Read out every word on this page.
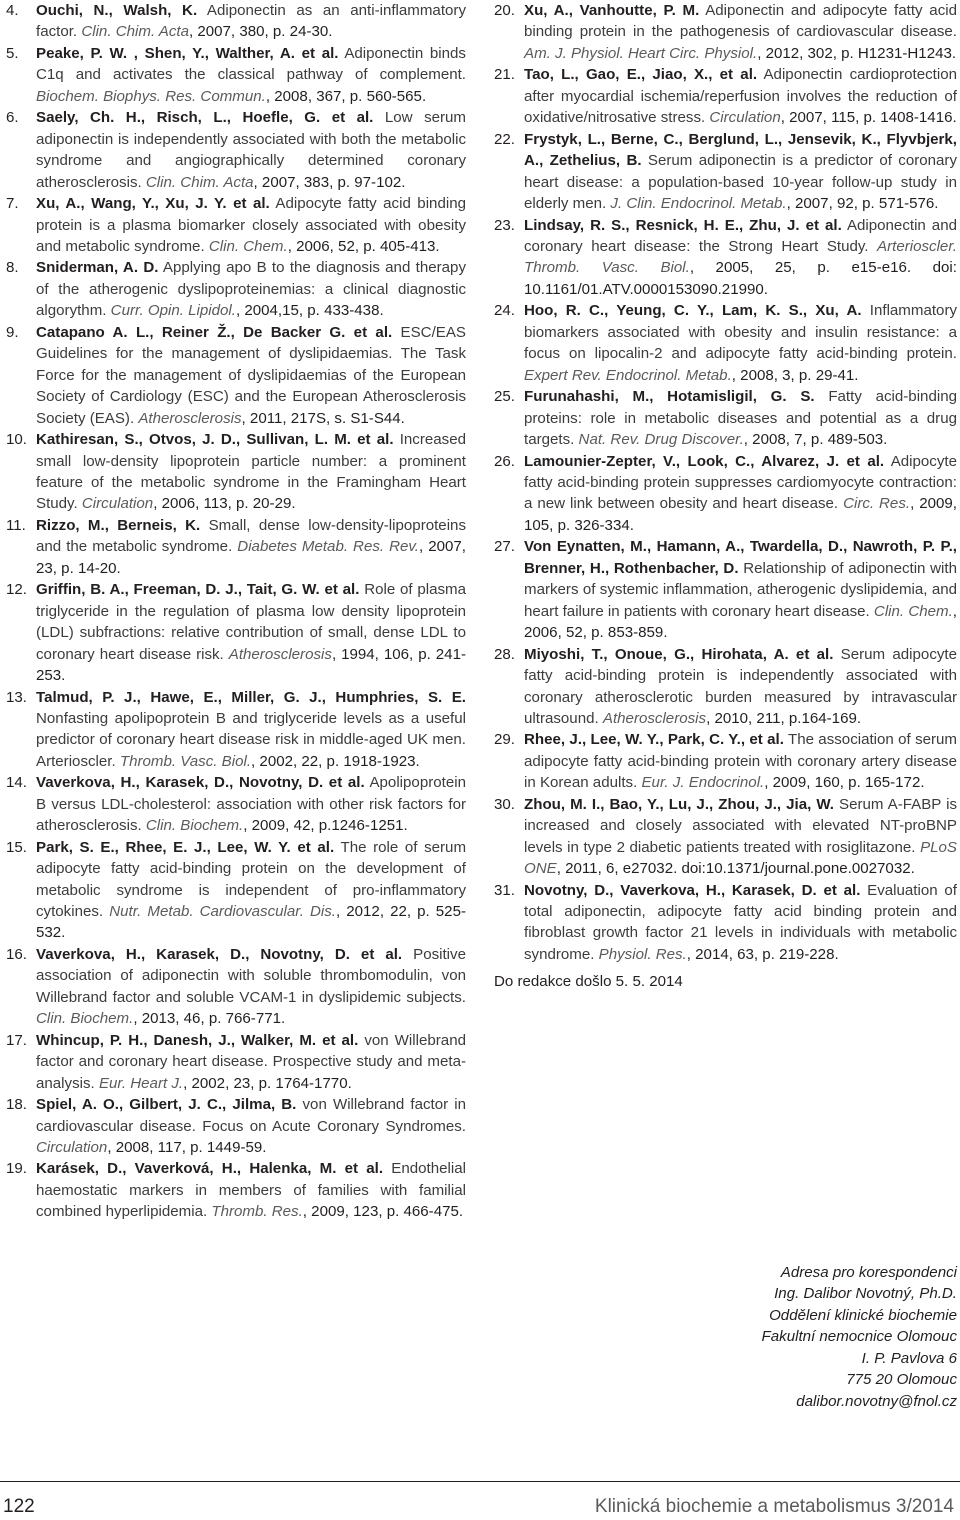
4. Ouchi, N., Walsh, K. Adiponectin as an anti-inflammatory factor. Clin. Chim. Acta, 2007, 380, p. 24-30.

5. Peake, P. W. , Shen, Y., Walther, A. et al. Adiponectin binds C1q and activates the classical pathway of complement. Biochem. Biophys. Res. Commun., 2008, 367, p. 560-565.

6. Saely, Ch. H., Risch, L., Hoefle, G. et al. Low serum adiponectin is independently associated with both the metabolic syndrome and angiographically determined coronary atherosclerosis. Clin. Chim. Acta, 2007, 383, p. 97-102.

7. Xu, A., Wang, Y., Xu, J. Y. et al. Adipocyte fatty acid binding protein is a plasma biomarker closely associated with obesity and metabolic syndrome. Clin. Chem., 2006, 52, p. 405-413.

8. Sniderman, A. D. Applying apo B to the diagnosis and therapy of the atherogenic dyslipoproteinemias: a clinical diagnostic algorythm. Curr. Opin. Lipidol., 2004,15, p. 433-438.

9. Catapano A. L., Reiner Ž., De Backer G. et al. ESC/EAS Guidelines for the management of dyslipidaemias. The Task Force for the management of dyslipidaemias of the European Society of Cardiology (ESC) and the European Atherosclerosis Society (EAS). Atherosclerosis, 2011, 217S, s. S1-S44.

10. Kathiresan, S., Otvos, J. D., Sullivan, L. M. et al. Increased small low-density lipoprotein particle number: a prominent feature of the metabolic syndrome in the Framingham Heart Study. Circulation, 2006, 113, p. 20-29.

11. Rizzo, M., Berneis, K. Small, dense low-density-lipoproteins and the metabolic syndrome. Diabetes Metab. Res. Rev., 2007, 23, p. 14-20.

12. Griffin, B. A., Freeman, D. J., Tait, G. W. et al. Role of plasma triglyceride in the regulation of plasma low density lipoprotein (LDL) subfractions: relative contribution of small, dense LDL to coronary heart disease risk. Atherosclerosis, 1994, 106, p. 241-253.

13. Talmud, P. J., Hawe, E., Miller, G. J., Humphries, S. E. Nonfasting apolipoprotein B and triglyceride levels as a useful predictor of coronary heart disease risk in middle-aged UK men. Arterioscler. Thromb. Vasc. Biol., 2002, 22, p. 1918-1923.

14. Vaverkova, H., Karasek, D., Novotny, D. et al. Apolipoprotein B versus LDL-cholesterol: association with other risk factors for atherosclerosis. Clin. Biochem., 2009, 42, p.1246-1251.

15. Park, S. E., Rhee, E. J., Lee, W. Y. et al. The role of serum adipocyte fatty acid-binding protein on the development of metabolic syndrome is independent of pro-inflammatory cytokines. Nutr. Metab. Cardiovascular. Dis., 2012, 22, p. 525-532.

16. Vaverkova, H., Karasek, D., Novotny, D. et al. Positive association of adiponectin with soluble thrombomodulin, von Willebrand factor and soluble VCAM-1 in dyslipidemic subjects. Clin. Biochem., 2013, 46, p. 766-771.

17. Whincup, P. H., Danesh, J., Walker, M. et al. von Willebrand factor and coronary heart disease. Prospective study and meta-analysis. Eur. Heart J., 2002, 23, p. 1764-1770.

18. Spiel, A. O., Gilbert, J. C., Jilma, B. von Willebrand factor in cardiovascular disease. Focus on Acute Coronary Syndromes. Circulation, 2008, 117, p. 1449-59.

19. Karásek, D., Vaverková, H., Halenka, M. et al. Endothelial haemostatic markers in members of families with familial combined hyperlipidemia. Thromb. Res., 2009, 123, p. 466-475.

20. Xu, A., Vanhoutte, P. M. Adiponectin and adipocyte fatty acid binding protein in the pathogenesis of cardiovascular disease. Am. J. Physiol. Heart Circ. Physiol., 2012, 302, p. H1231-H1243.

21. Tao, L., Gao, E., Jiao, X., et al. Adiponectin cardioprotection after myocardial ischemia/reperfusion involves the reduction of oxidative/nitrosative stress. Circulation, 2007, 115, p. 1408-1416.

22. Frystyk, L., Berne, C., Berglund, L., Jensevik, K., Flyvbjerk, A., Zethelius, B. Serum adiponectin is a predictor of coronary heart disease: a population-based 10-year follow-up study in elderly men. J. Clin. Endocrinol. Metab., 2007, 92, p. 571-576.

23. Lindsay, R. S., Resnick, H. E., Zhu, J. et al. Adiponectin and coronary heart disease: the Strong Heart Study. Arterioscler. Thromb. Vasc. Biol., 2005, 25, p. e15-e16. doi: 10.1161/01.ATV.0000153090.21990.

24. Hoo, R. C., Yeung, C. Y., Lam, K. S., Xu, A. Inflammatory biomarkers associated with obesity and insulin resistance: a focus on lipocalin-2 and adipocyte fatty acid-binding protein. Expert Rev. Endocrinol. Metab., 2008, 3, p. 29-41.

25. Furunahashi, M., Hotamisligil, G. S. Fatty acid-binding proteins: role in metabolic diseases and potential as a drug targets. Nat. Rev. Drug Discover., 2008, 7, p. 489-503.

26. Lamounier-Zepter, V., Look, C., Alvarez, J. et al. Adipocyte fatty acid-binding protein suppresses cardiomyocyte contraction: a new link between obesity and heart disease. Circ. Res., 2009, 105, p. 326-334.

27. Von Eynatten, M., Hamann, A., Twardella, D., Nawroth, P. P., Brenner, H., Rothenbacher, D. Relationship of adiponectin with markers of systemic inflammation, atherogenic dyslipidemia, and heart failure in patients with coronary heart disease. Clin. Chem., 2006, 52, p. 853-859.

28. Miyoshi, T., Onoue, G., Hirohata, A. et al. Serum adipocyte fatty acid-binding protein is independently associated with coronary atherosclerotic burden measured by intravascular ultrasound. Atherosclerosis, 2010, 211, p.164-169.

29. Rhee, J., Lee, W. Y., Park, C. Y., et al. The association of serum adipocyte fatty acid-binding protein with coronary artery disease in Korean adults. Eur. J. Endocrinol., 2009, 160, p. 165-172.

30. Zhou, M. I., Bao, Y., Lu, J., Zhou, J., Jia, W. Serum A-FABP is increased and closely associated with elevated NT-proBNP levels in type 2 diabetic patients treated with rosiglitazone. PLoS ONE, 2011, 6, e27032. doi:10.1371/journal.pone.0027032.

31. Novotny, D., Vaverkova, H., Karasek, D. et al. Evaluation of total adiponectin, adipocyte fatty acid binding protein and fibroblast growth factor 21 levels in individuals with metabolic syndrome. Physiol. Res., 2014, 63, p. 219-228.

Do redakce došlo 5. 5. 2014

Adresa pro korespondenci
Ing. Dalibor Novotný, Ph.D.
Oddělení klinické biochemie
Fakultní nemocnice Olomouc
I. P. Pavlova 6
775 20 Olomouc
dalibor.novotny@fnol.cz
122	Klinická biochemie a metabolismus 3/2014
